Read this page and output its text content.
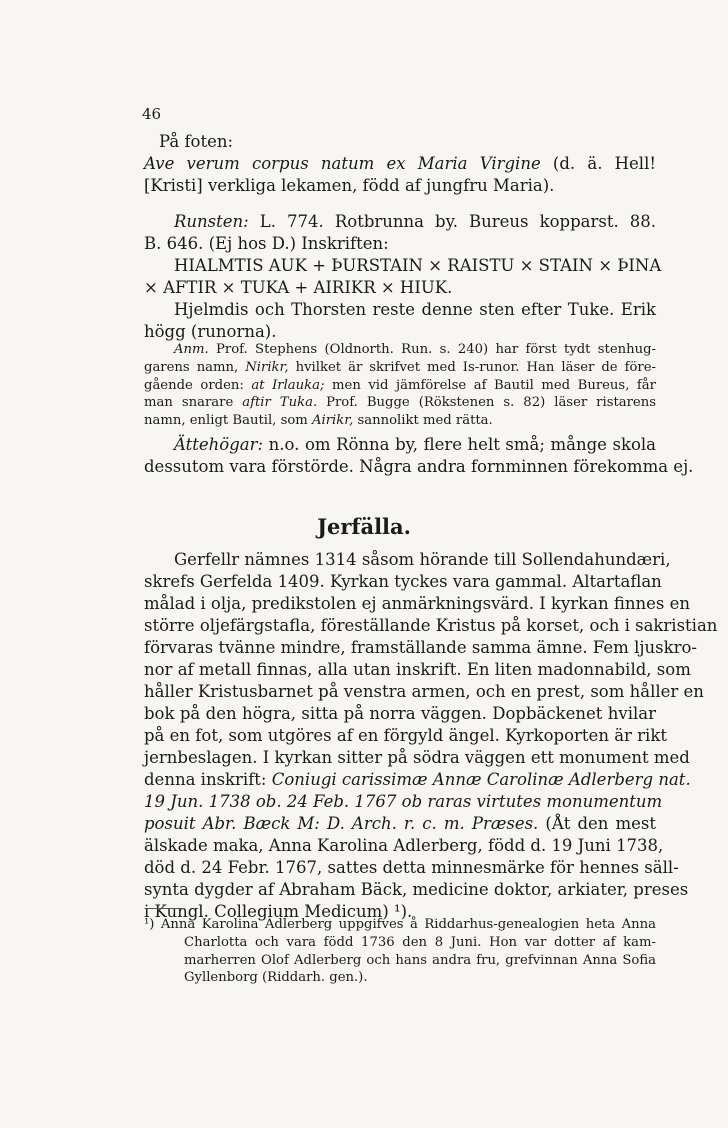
46
På foten:
Ave verum corpus natum ex Maria Virgine (d. ä. Hell!
[Kristi] verkliga lekamen, född af jungfru Maria).
Runsten: L. 774. Rotbrunna by. Bureus kopparst. 88.
B. 646. (Ej hos D.) Inskriften:
HIALMTIS AUK + ÞURSTAIN × RAISTU × STAIN × ÞINA
× AFTIR × TUKA + AIRIKR × HIUK.
Hjelmdis och Thorsten reste denne sten efter Tuke. Erik
högg (runorna).
Anm. Prof. Stephens (Oldnorth. Run. s. 240) har först tydt stenhug-
garens namn, Nirikr, hvilket är skrifvet med Is-runor. Han läser de före-
gående orden: at Irlauka; men vid jämförelse af Bautil med Bureus, får
man snarare aftir Tuka. Prof. Bugge (Rökstenen s. 82) läser ristarens
namn, enligt Bautil, som Airikr, sannolikt med rätta.
Ättehögar: n.o. om Rönna by, flere helt små; månge skola
dessutom vara förstörde. Några andra fornminnen förekomma ej.
Jerfälla.
Gerfellr nämnes 1314 såsom hörande till Sollendahundæri,
skrefs Gerfelda 1409. Kyrkan tyckes vara gammal. Altartaflan
målad i olja, predikstolen ej anmärkningsvärd. I kyrkan finnes en
större oljefärgstafla, föreställande Kristus på korset, och i sakristian
förvaras tvänne mindre, framställande samma ämne. Fem ljuskro-
nor af metall finnas, alla utan inskrift. En liten madonnabild, som
håller Kristusbarnet på venstra armen, och en prest, som håller en
bok på den högra, sitta på norra väggen. Dopbäckenet hvilar
på en fot, som utgöres af en förgyld ängel. Kyrkoporten är rikt
jernbeslagen. I kyrkan sitter på södra väggen ett monument med
denna inskrift: Coniugi carissimæ Annæ Carolinæ Adlerberg nat.
19 Jun. 1738 ob. 24 Feb. 1767 ob raras virtutes monumentum
posuit Abr. Bæck M: D. Arch. r. c. m. Præses. (Åt den mest
älskade maka, Anna Karolina Adlerberg, född d. 19 Juni 1738,
död d. 24 Febr. 1767, sattes detta minnesmärke för hennes säll-
synta dygder af Abraham Bäck, medicine doktor, arkiater, preses
i Kungl. Collegium Medicum) ¹).
¹) Anna Karolina Adlerberg uppgifves å Riddarhus-genealogien heta Anna
Charlotta och vara född 1736 den 8 Juni. Hon var dotter af kam-
marherren Olof Adlerberg och hans andra fru, grefvinnan Anna Sofia
Gyllenborg (Riddarh. gen.).
